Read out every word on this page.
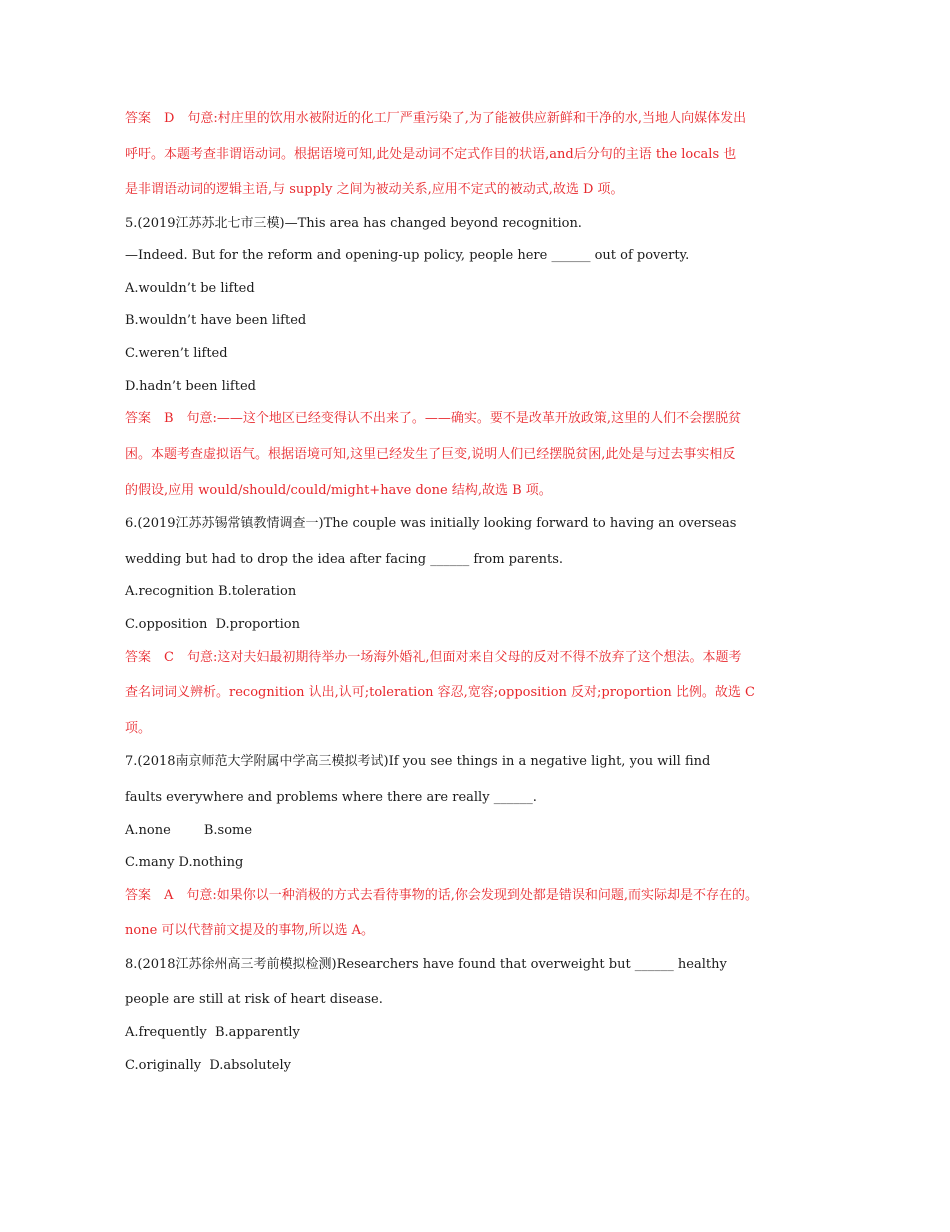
答案　D　句意:村庄里的饮用水被附近的化工厂严重污染了,为了能被供应新鲜和干净的水,当地人向媒体发出
呼吁。本题考查非谓语动词。根据语境可知,此处是动词不定式作目的状语,and后分句的主语 the locals 也
是非谓语动词的逻辑主语,与 supply 之间为被动关系,应用不定式的被动式,故选 D 项。
5.(2019江苏苏北七市三模)—This area has changed beyond recognition.
—Indeed. But for the reform and opening-up policy, people here ______ out of poverty.
A.wouldn’t be lifted
B.wouldn’t have been lifted
C.weren’t lifted
D.hadn’t been lifted
答案　B　句意:——这个地区已经变得认不出来了。——确实。要不是改革开放政策,这里的人们不会摆脱贫
困。本题考查虚拟语气。根据语境可知,这里已经发生了巨变,说明人们已经摆脱贫困,此处是与过去事实相反
的假设,应用 would/should/could/might+have done 结构,故选 B 项。
6.(2019江苏苏锡常镇教情调查一)The couple was initially looking forward to having an overseas
wedding but had to drop the idea after facing ______ from parents.
A.recognition B.toleration
C.opposition  D.proportion
答案　C　句意:这对夫妇最初期待举办一场海外婚礼,但面对来自父母的反对不得不放弃了这个想法。本题考
查名词词义辨析。recognition 认出,认可;toleration 容忍,宽容;opposition 反对;proportion 比例。故选 C
项。
7.(2018南京师范大学附属中学高三模拟考试)If you see things in a negative light, you will find
faults everywhere and problems where there are really ______.
A.none        B.some
C.many D.nothing
答案　A　句意:如果你以一种消极的方式去看待事物的话,你会发现到处都是错误和问题,而实际却是不存在的。
none 可以代替前文提及的事物,所以选 A。
8.(2018江苏徐州高三考前模拟检测)Researchers have found that overweight but ______ healthy
people are still at risk of heart disease.
A.frequently  B.apparently
C.originally  D.absolutely
